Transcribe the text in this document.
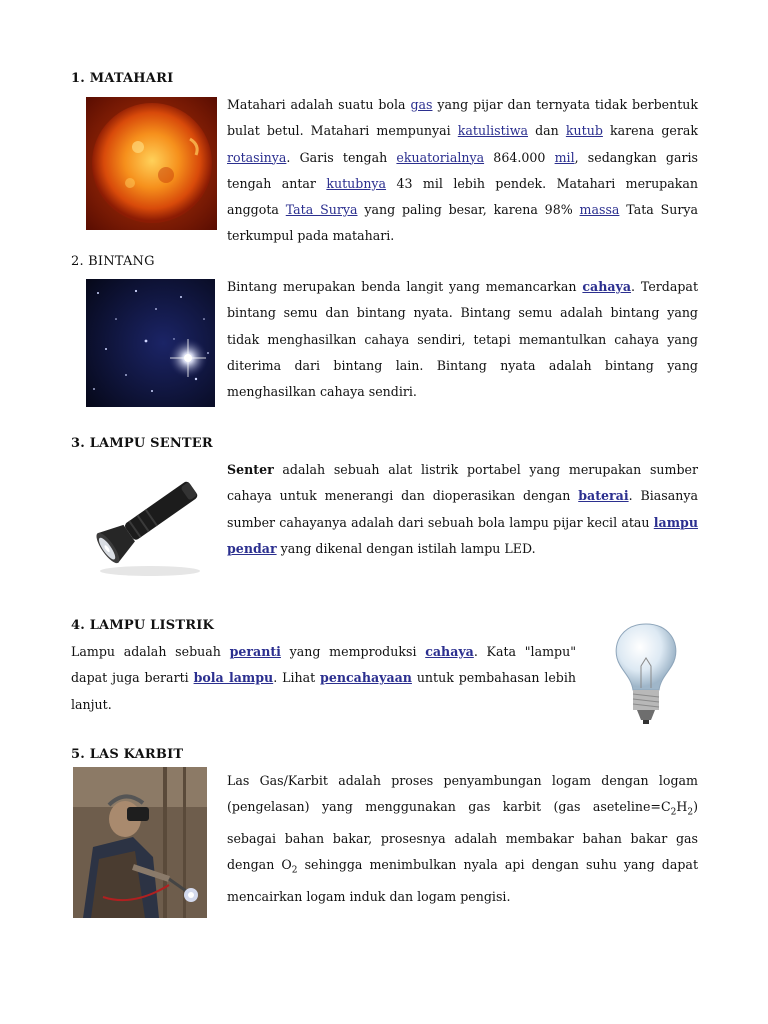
1. MATAHARI

Matahari adalah suatu bola gas yang pijar dan ternyata tidak berbentuk bulat betul. Matahari mempunyai katulistiwa dan kutub karena gerak rotasinya. Garis tengah ekuatorialnya 864.000 mil, sedangkan garis tengah antar kutubnya 43 mil lebih pendek. Matahari merupakan anggota Tata Surya yang paling besar, karena 98% massa Tata Surya terkumpul pada matahari.

2. BINTANG

Bintang merupakan benda langit yang memancarkan cahaya. Terdapat bintang semu dan bintang nyata. Bintang semu adalah bintang yang tidak menghasilkan cahaya sendiri, tetapi memantulkan cahaya yang diterima dari bintang lain. Bintang nyata adalah bintang yang menghasilkan cahaya sendiri.

3. LAMPU SENTER

Senter adalah sebuah alat listrik portabel yang merupakan sumber cahaya untuk menerangi dan dioperasikan dengan baterai. Biasanya sumber cahayanya adalah dari sebuah bola lampu pijar kecil atau lampu pendar yang dikenal dengan istilah lampu LED.

4. LAMPU LISTRIK

Lampu adalah sebuah peranti yang memproduksi cahaya. Kata "lampu" dapat juga berarti bola lampu. Lihat pencahayaan untuk pembahasan lebih lanjut.

5. LAS KARBIT

Las Gas/Karbit adalah proses penyambungan logam dengan logam (pengelasan) yang menggunakan gas karbit (gas $aseteline=C_2H_2$) sebagai bahan bakar, prosesnya adalah membakar bahan bakar gas dengan $O_2$ sehingga menimbulkan nyala api dengan suhu yang dapat mencairkan logam induk dan logam pengisi.
